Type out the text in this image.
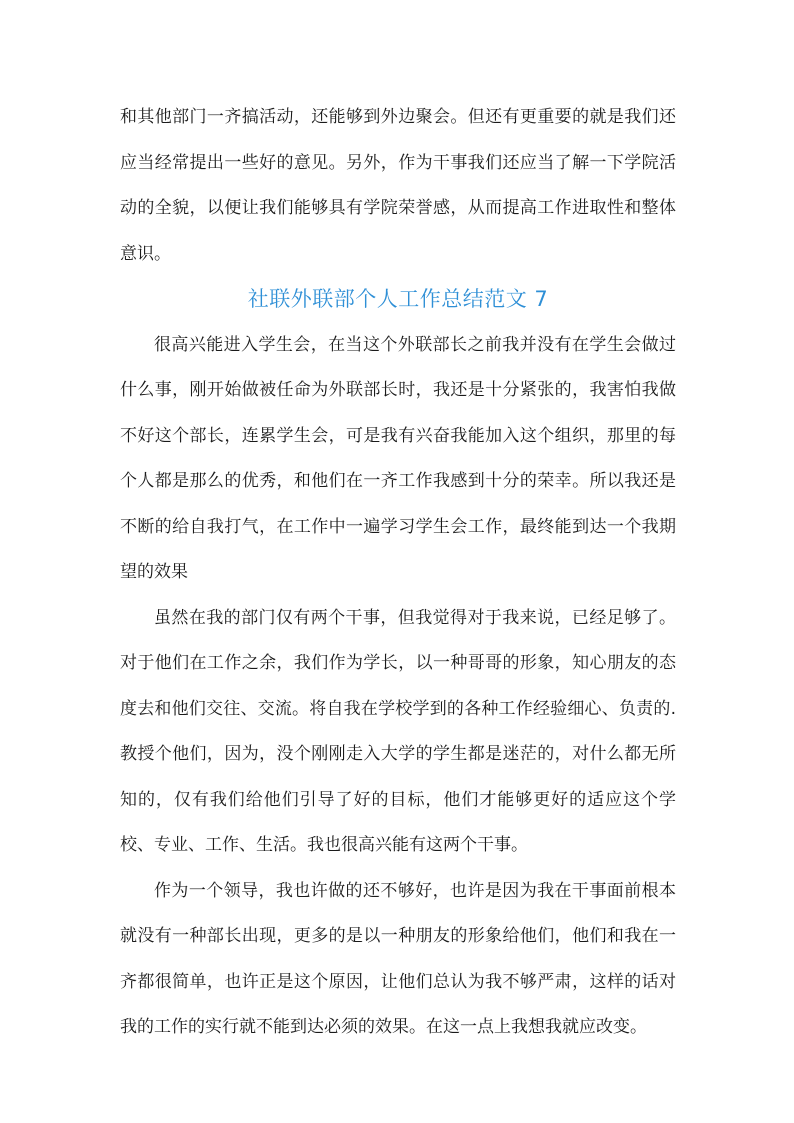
和其他部门一齐搞活动，还能够到外边聚会。但还有更重要的就是我们还应当经常提出一些好的意见。另外，作为干事我们还应当了解一下学院活动的全貌，以便让我们能够具有学院荣誉感，从而提高工作进取性和整体意识。

社联外联部个人工作总结范文 7

很高兴能进入学生会，在当这个外联部长之前我并没有在学生会做过什么事，刚开始做被任命为外联部长时，我还是十分紧张的，我害怕我做不好这个部长，连累学生会，可是我有兴奋我能加入这个组织，那里的每个人都是那么的优秀，和他们在一齐工作我感到十分的荣幸。所以我还是不断的给自我打气，在工作中一遍学习学生会工作，最终能到达一个我期望的效果

虽然在我的部门仅有两个干事，但我觉得对于我来说，已经足够了。对于他们在工作之余，我们作为学长，以一种哥哥的形象，知心朋友的态度去和他们交往、交流。将自我在学校学到的各种工作经验细心、负责的.教授个他们，因为，没个刚刚走入大学的学生都是迷茫的，对什么都无所知的，仅有我们给他们引导了好的目标，他们才能够更好的适应这个学校、专业、工作、生活。我也很高兴能有这两个干事。

作为一个领导，我也许做的还不够好，也许是因为我在干事面前根本就没有一种部长出现，更多的是以一种朋友的形象给他们，他们和我在一齐都很简单，也许正是这个原因，让他们总认为我不够严肃，这样的话对我的工作的实行就不能到达必须的效果。在这一点上我想我就应改变。
